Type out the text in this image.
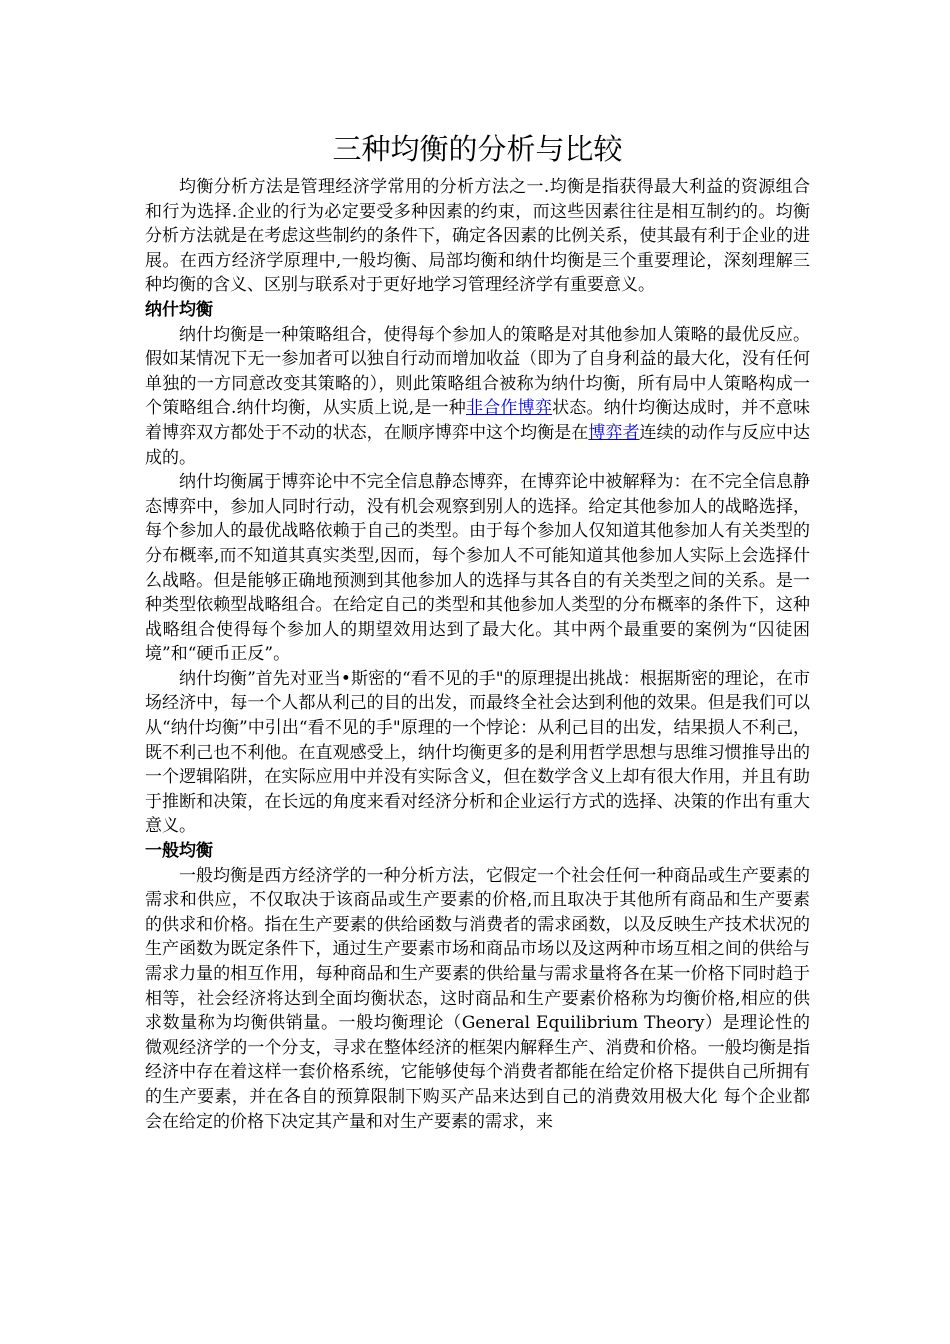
三种均衡的分析与比较

均衡分析方法是管理经济学常用的分析方法之一.均衡是指获得最大利益的资源组合和行为选择.企业的行为必定要受多种因素的约束，而这些因素往往是相互制约的。均衡分析方法就是在考虑这些制约的条件下，确定各因素的比例关系，使其最有利于企业的进展。在西方经济学原理中,一般均衡、局部均衡和纳什均衡是三个重要理论，深刻理解三种均衡的含义、区别与联系对于更好地学习管理经济学有重要意义。

纳什均衡

纳什均衡是一种策略组合，使得每个参加人的策略是对其他参加人策略的最优反应。假如某情况下无一参加者可以独自行动而增加收益（即为了自身利益的最大化，没有任何单独的一方同意改变其策略的），则此策略组合被称为纳什均衡，所有局中人策略构成一个策略组合.纳什均衡，从实质上说,是一种非合作博弈状态。纳什均衡达成时，并不意味着博弈双方都处于不动的状态，在顺序博弈中这个均衡是在博弈者连续的动作与反应中达成的。

纳什均衡属于博弈论中不完全信息静态博弈，在博弈论中被解释为：在不完全信息静态博弈中，参加人同时行动，没有机会观察到别人的选择。给定其他参加人的战略选择，每个参加人的最优战略依赖于自己的类型。由于每个参加人仅知道其他参加人有关类型的分布概率,而不知道其真实类型,因而，每个参加人不可能知道其他参加人实际上会选择什么战略。但是能够正确地预测到其他参加人的选择与其各自的有关类型之间的关系。是一种类型依赖型战略组合。在给定自己的类型和其他参加人类型的分布概率的条件下，这种战略组合使得每个参加人的期望效用达到了最大化。其中两个最重要的案例为“囚徒困境”和“硬币正反”。

纳什均衡”首先对亚当•斯密的“看不见的手"的原理提出挑战：根据斯密的理论，在市场经济中，每一个人都从利己的目的出发，而最终全社会达到利他的效果。但是我们可以从“纳什均衡”中引出“看不见的手"原理的一个悖论：从利己目的出发，结果损人不利己，既不利己也不利他。在直观感受上，纳什均衡更多的是利用哲学思想与思维习惯推导出的一个逻辑陷阱，在实际应用中并没有实际含义，但在数学含义上却有很大作用，并且有助于推断和决策，在长远的角度来看对经济分析和企业运行方式的选择、决策的作出有重大意义。

一般均衡

一般均衡是西方经济学的一种分析方法，它假定一个社会任何一种商品或生产要素的需求和供应，不仅取决于该商品或生产要素的价格,而且取决于其他所有商品和生产要素的供求和价格。指在生产要素的供给函数与消费者的需求函数，以及反映生产技术状况的生产函数为既定条件下，通过生产要素市场和商品市场以及这两种市场互相之间的供给与需求力量的相互作用，每种商品和生产要素的供给量与需求量将各在某一价格下同时趋于相等，社会经济将达到全面均衡状态，这时商品和生产要素价格称为均衡价格,相应的供求数量称为均衡供销量。一般均衡理论（General Equilibrium Theory）是理论性的微观经济学的一个分支，寻求在整体经济的框架内解释生产、消费和价格。一般均衡是指经济中存在着这样一套价格系统，它能够使每个消费者都能在给定价格下提供自己所拥有的生产要素，并在各自的预算限制下购买产品来达到自己的消费效用极大化 每个企业都会在给定的价格下决定其产量和对生产要素的需求，来
